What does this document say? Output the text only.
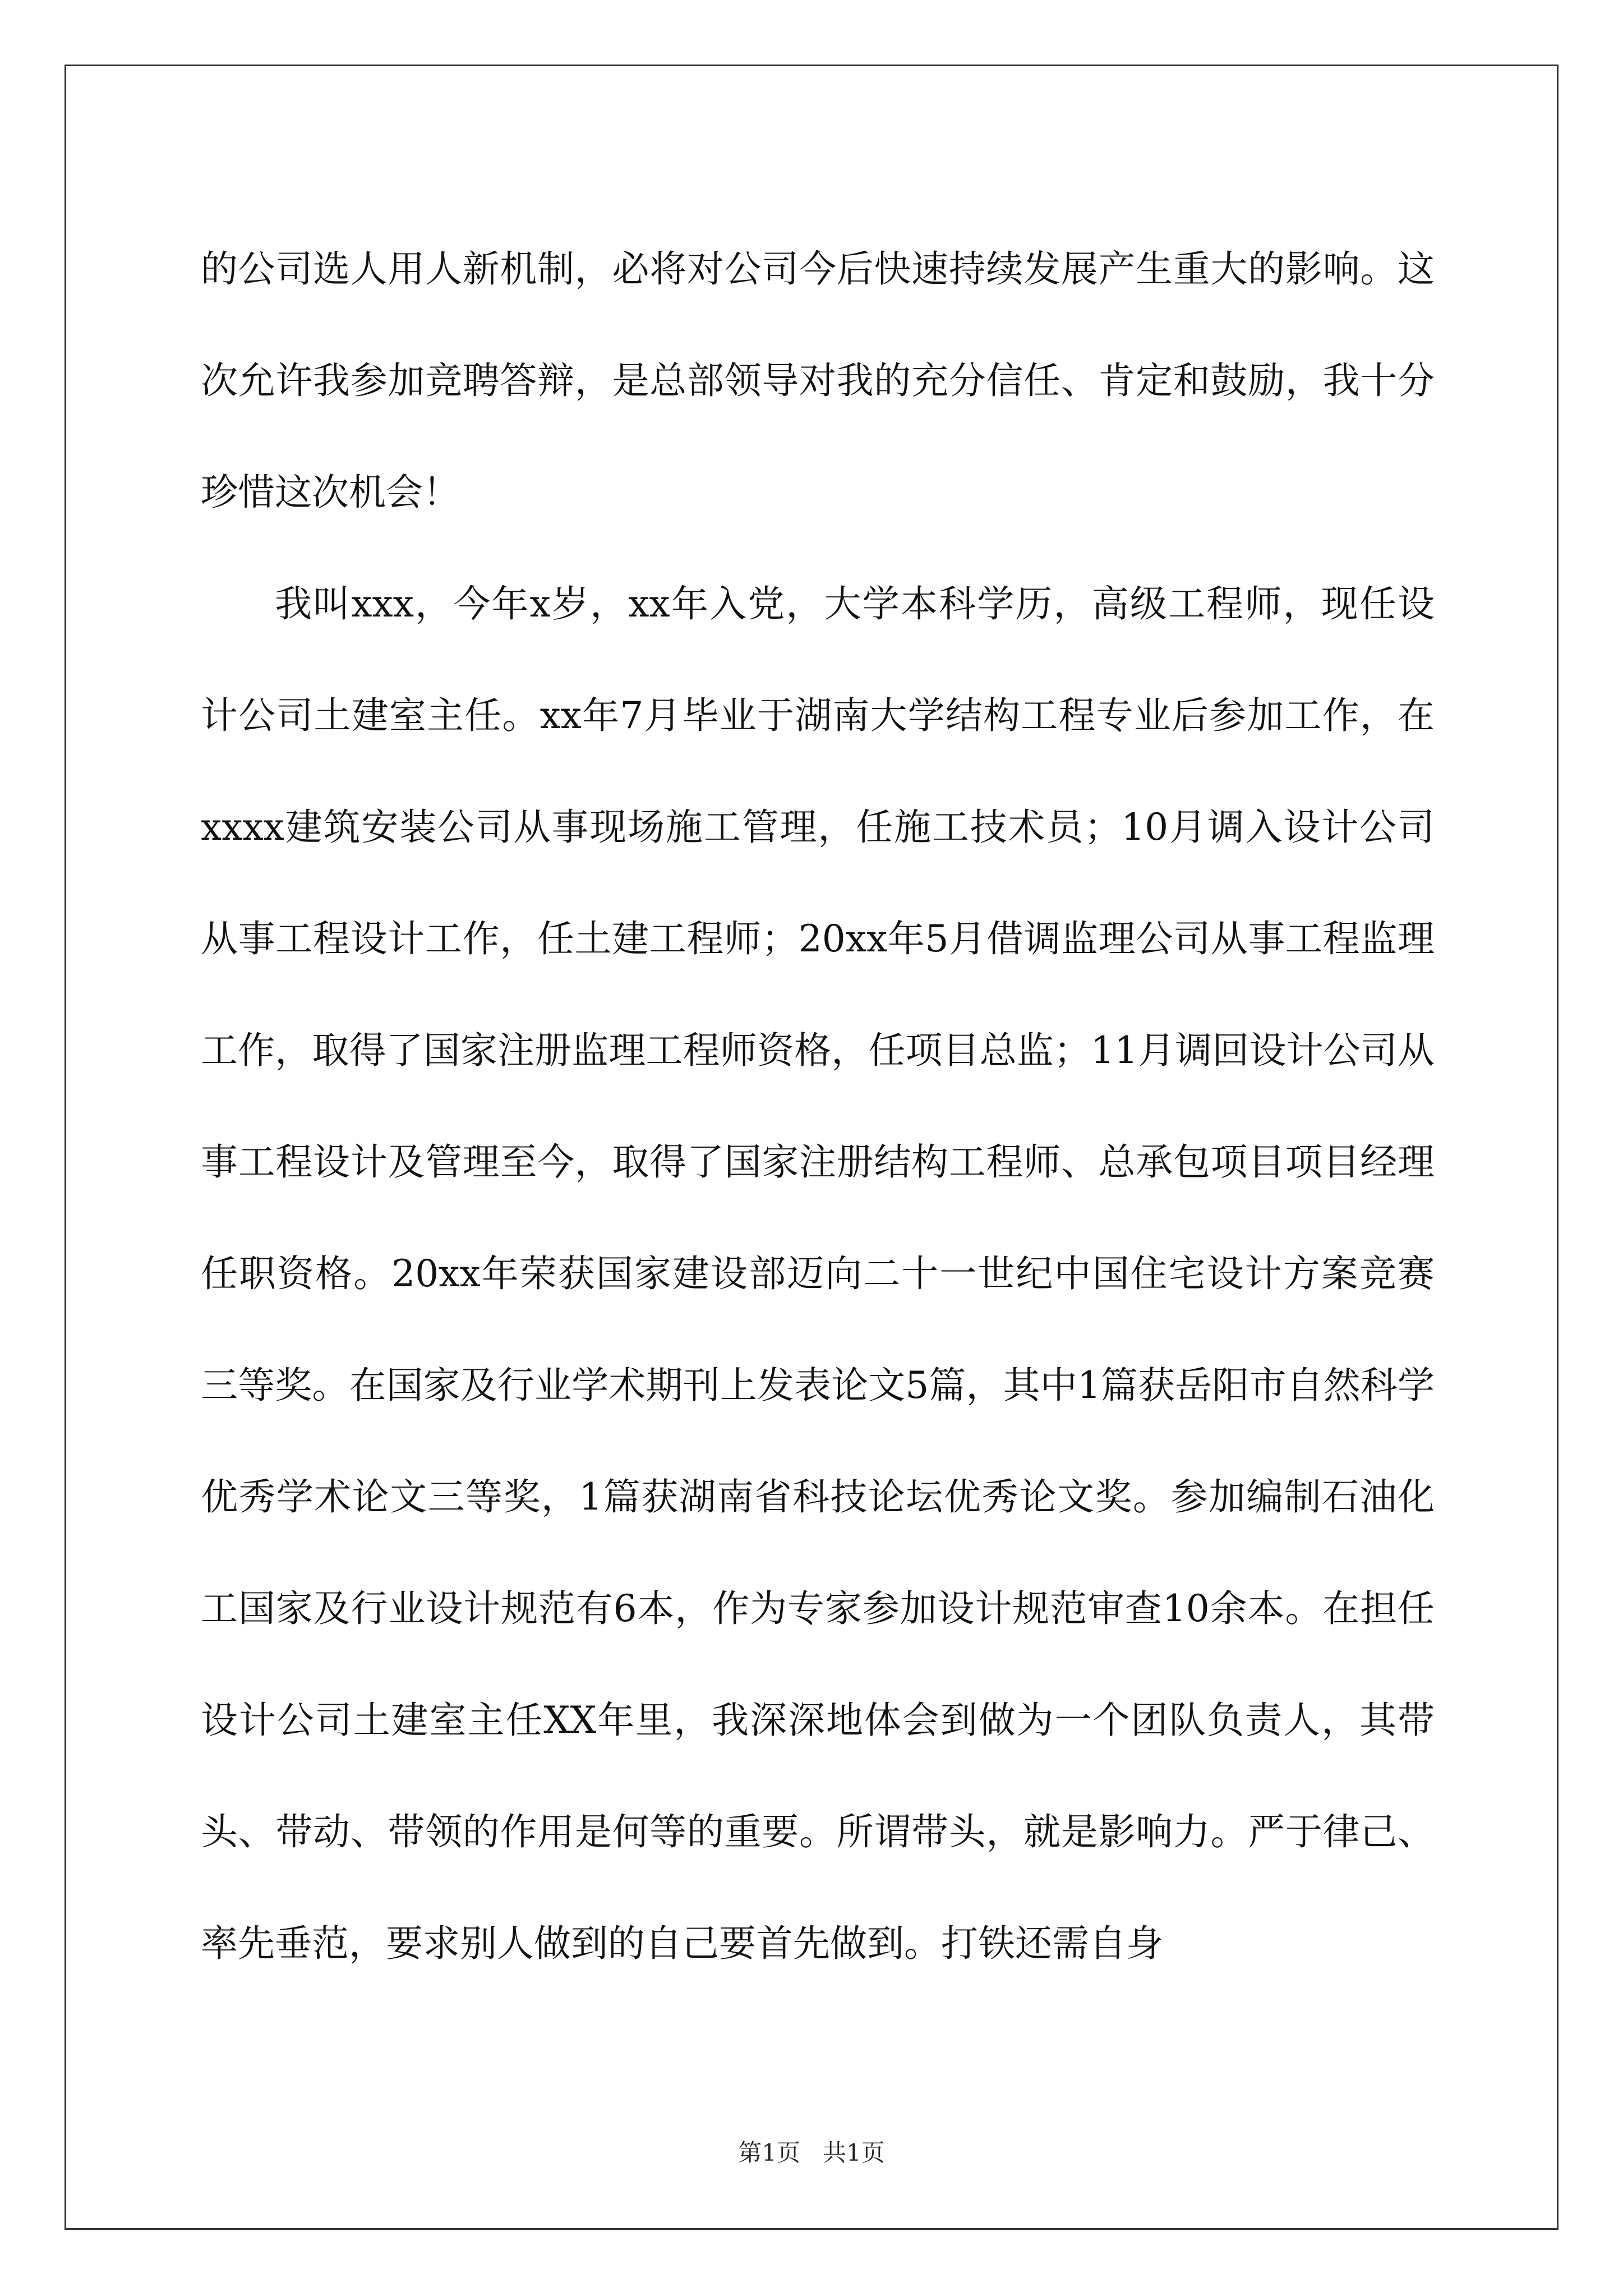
的公司选人用人新机制，必将对公司今后快速持续发展产生重大的影响。这次允许我参加竞聘答辩，是总部领导对我的充分信任、肯定和鼓励，我十分珍惜这次机会！

我叫xxx，今年x岁，xx年入党，大学本科学历，高级工程师，现任设计公司土建室主任。xx年7月毕业于湖南大学结构工程专业后参加工作，在xxxx建筑安装公司从事现场施工管理，任施工技术员；10月调入设计公司从事工程设计工作，任土建工程师；20xx年5月借调监理公司从事工程监理工作，取得了国家注册监理工程师资格，任项目总监；11月调回设计公司从事工程设计及管理至今，取得了国家注册结构工程师、总承包项目项目经理任职资格。20xx年荣获国家建设部迈向二十一世纪中国住宅设计方案竞赛三等奖。在国家及行业学术期刊上发表论文5篇，其中1篇获岳阳市自然科学优秀学术论文三等奖，1篇获湖南省科技论坛优秀论文奖。参加编制石油化工国家及行业设计规范有6本，作为专家参加设计规范审查10余本。在担任设计公司土建室主任XX年里，我深深地体会到做为一个团队负责人，其带头、带动、带领的作用是何等的重要。所谓带头，就是影响力。严于律己、率先垂范，要求别人做到的自己要首先做到。打铁还需自身

第1页   共1页
